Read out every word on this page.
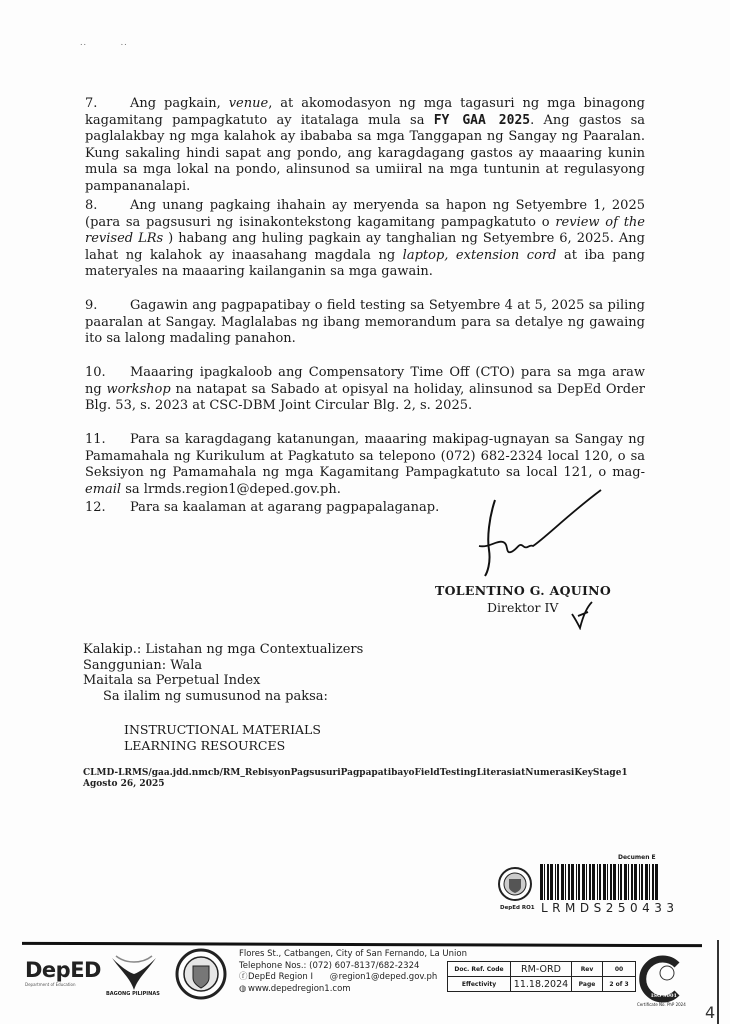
..	..
7.	Ang pagkain, venue, at akomodasyon ng mga tagasuri ng mga binagong kagamitang pampagkatuto ay itatalaga mula sa FY GAA 2025. Ang gastos sa paglalakbay ng mga kalahok ay ibababa sa mga Tanggapan ng Sangay ng Paaralan. Kung sakaling hindi sapat ang pondo, ang karagdagang gastos ay maaaring kunin mula sa mga lokal na pondo, alinsunod sa umiiral na mga tuntunin at regulasyong pampananalapi.
8.	Ang unang pagkaing ihahain ay meryenda sa hapon ng Setyembre 1, 2025 (para sa pagsusuri ng isinakontekstong kagamitang pampagkatuto o review of the revised LRs ) habang ang huling pagkain ay tanghalian ng Setyembre 6, 2025. Ang lahat ng kalahok ay inaasahang magdala ng laptop, extension cord at iba pang materyales na maaaring kailanganin sa mga gawain.
9.	Gagawin ang pagpapatibay o field testing sa Setyembre 4 at 5, 2025 sa piling paaralan at Sangay. Maglalabas ng ibang memorandum para sa detalye ng gawaing ito sa lalong madaling panahon.
10. Maaaring ipagkaloob ang Compensatory Time Off (CTO) para sa mga araw ng workshop na natapat sa Sabado at opisyal na holiday, alinsunod sa DepEd Order Blg. 53, s. 2023 at CSC-DBM Joint Circular Blg. 2, s. 2025.
11. Para sa karagdagang katanungan, maaaring makipag-ugnayan sa Sangay ng Pamamahala ng Kurikulum at Pagkatuto sa telepono (072) 682-2324 local 120, o sa Seksiyon ng Pamamahala ng mga Kagamitang Pampagkatuto sa local 121, o mag-email sa lrmds.region1@deped.gov.ph.
12. Para sa kaalaman at agarang pagpapalaganap.
TOLENTINO G. AQUINO
Direktor IV
Kalakip.: Listahan ng mga Contextualizers
Sanggunian: Wala
Maitala sa Perpetual Index
Sa ilalim ng sumusunod na paksa:
INSTRUCTIONAL MATERIALS
LEARNING RESOURCES
CLMD-LRMS/gaa.jdd.nmcb/RM_RebisyonPagsusuriPagpapatibayoFieldTestingLiterasiatNumerasiKeyStage1
Agosto 26, 2025
Decumen E
DepEd RO1 LRMDS250433
DepED
Department of Education
BAGONG PILIPINAS
Flores St., Catbangen, City of San Fernando, La Union
Telephone Nos.: (072) 607-8137/682-2324
ⓕDepEd Region I @region1@deped.gov.ph
◍ www.depedregion1.com
Doc. Ref. Code	RM-ORD	Rev	00
Effectivity	11.18.2024	Page	2 of 3
ISO 9001
Certificate No. PhP 2024 4
